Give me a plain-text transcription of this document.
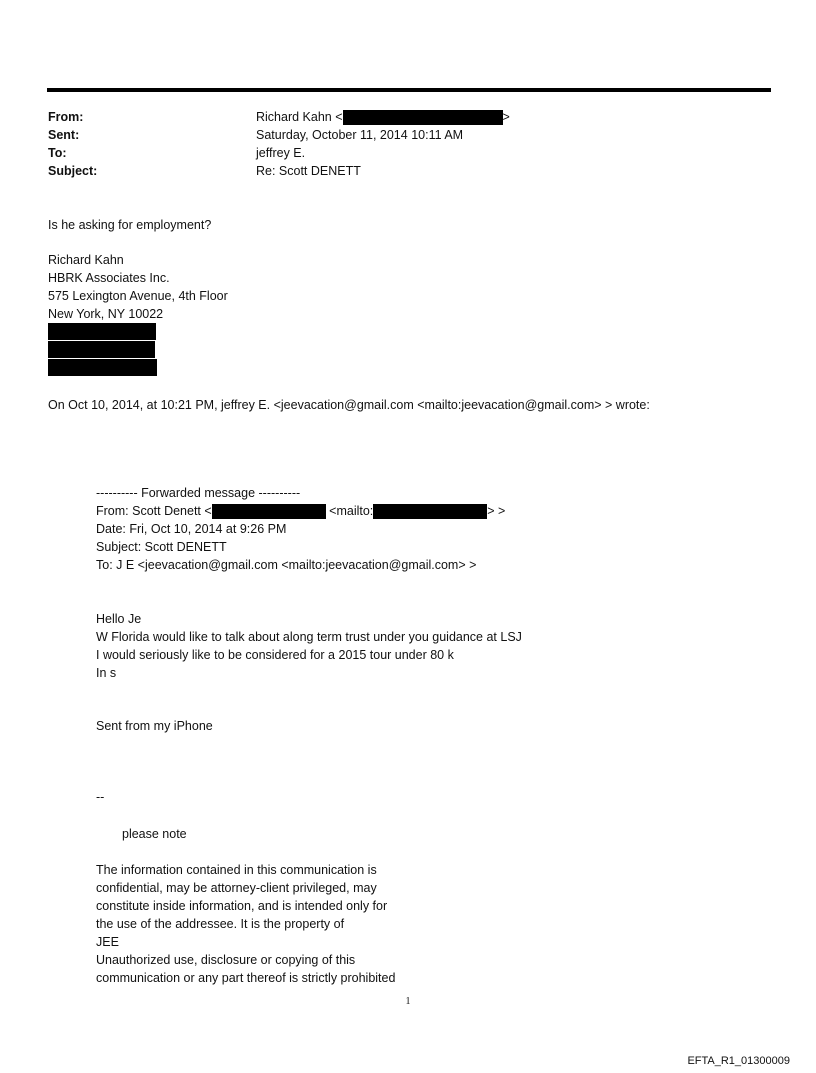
From:	Richard Kahn <	>
Sent:	Saturday, October 11, 2014 10:11 AM
To:	jeffrey E.
Subject:	Re: Scott DENETT

Is he asking for employment?

Richard Kahn
HBRK Associates Inc.
575 Lexington Avenue, 4th Floor
New York, NY 10022
On Oct 10, 2014, at 10:21 PM, jeffrey E. <jeevacation@gmail.com <mailto:jeevacation@gmail.com> > wrote:
---------- Forwarded message ----------
From: Scott Denett <	<mailto:	> >
Date: Fri, Oct 10, 2014 at 9:26 PM
Subject: Scott DENETT
To: J E <jeevacation@gmail.com <mailto:jeevacation@gmail.com> >
Hello Je
W Florida would like to talk about along term trust under you guidance at LSJ
I would seriously like to be considered for a 2015 tour under 80 k
In s
Sent from my iPhone
--
please note
The information contained in this communication is
confidential, may be attorney-client privileged, may
constitute inside information, and is intended only for
the use of the addressee. It is the property of
JEE
Unauthorized use, disclosure or copying of this
communication or any part thereof is strictly prohibited
1
EFTA_R1_01300009
